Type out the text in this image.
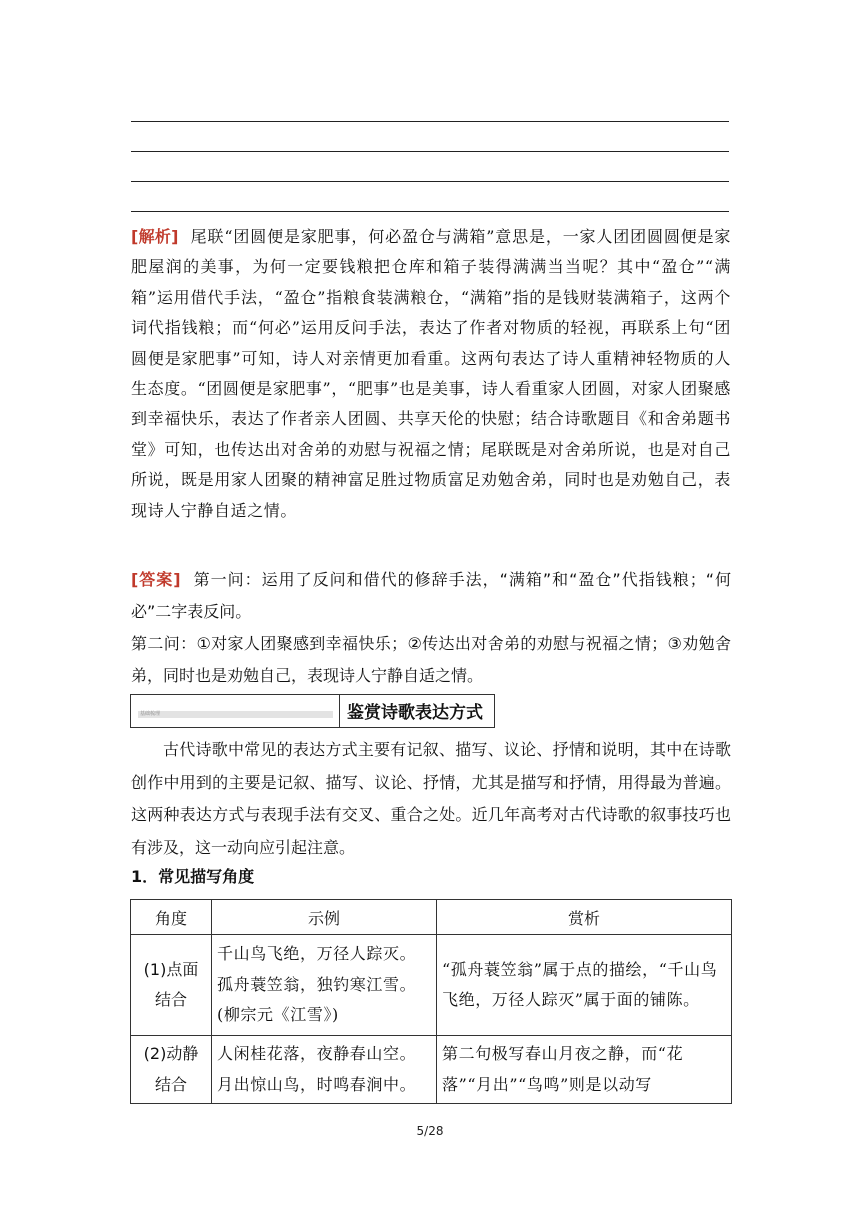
[解析] 尾联“团圆便是家肥事，何必盈仓与满箱”意思是，一家人团团圆圆便是家肥屋润的美事，为何一定要钱粮把仓库和箱子装得满满当当呢？其中“盈仓”“满箱”运用借代手法，“盈仓”指粮食装满粮仓，“满箱”指的是钱财装满箱子，这两个词代指钱粮；而“何必”运用反问手法，表达了作者对物质的轻视，再联系上句“团圆便是家肥事”可知，诗人对亲情更加看重。这两句表达了诗人重精神轻物质的人生态度。“团圆便是家肥事”，“肥事”也是美事，诗人看重家人团圆，对家人团聚感到幸福快乐，表达了作者亲人团圆、共享天伦的快慰；结合诗歌题目《和舍弟题书堂》可知，也传达出对舍弟的劝慰与祝福之情；尾联既是对舍弟所说，也是对自己所说，既是用家人团聚的精神富足胜过物质富足劝勉舍弟，同时也是劝勉自己，表现诗人宁静自适之情。

[答案] 第一问：运用了反问和借代的修辞手法，“满箱”和“盈仓”代指钱粮；“何必”二字表反问。

第二问：①对家人团聚感到幸福快乐；②传达出对舍弟的劝慰与祝福之情；③劝勉舍弟，同时也是劝勉自己，表现诗人宁静自适之情。

基础梳理	鉴赏诗歌表达方式

古代诗歌中常见的表达方式主要有记叙、描写、议论、抒情和说明，其中在诗歌创作中用到的主要是记叙、描写、议论、抒情，尤其是描写和抒情，用得最为普遍。这两种表达方式与表现手法有交叉、重合之处。近几年高考对古代诗歌的叙事技巧也有涉及，这一动向应引起注意。

1．常见描写角度
角度	示例	赏析
(1)点面结合	千山鸟飞绝，万径人踪灭。孤舟蓑笠翁，独钓寒江雪。(柳宗元《江雪》)	“孤舟蓑笠翁”属于点的描绘，“千山鸟飞绝，万径人踪灭”属于面的铺陈。
(2)动静结合	人闲桂花落，夜静春山空。月出惊山鸟，时鸣春涧中。	第二句极写春山月夜之静，而“花落”“月出”“鸟鸣”则是以动写
5/28
